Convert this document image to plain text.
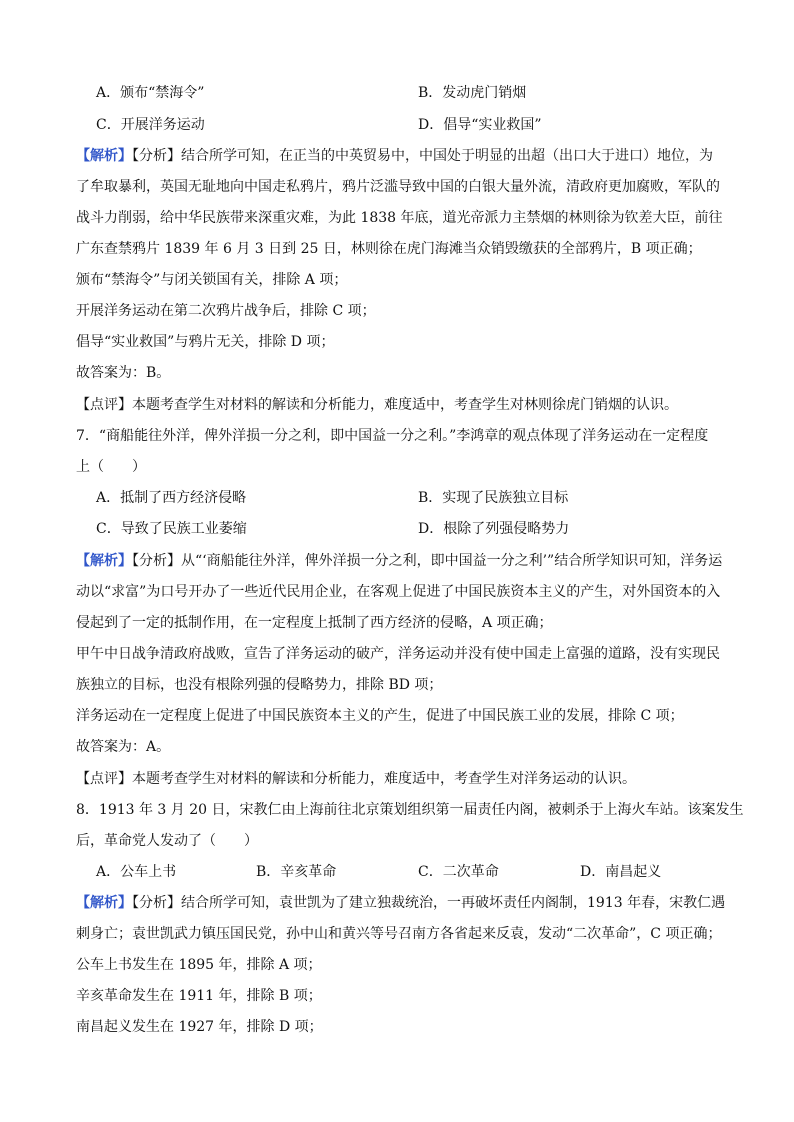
A．颁布“禁海令”	B．发动虎门销烟
C．开展洋务运动	D．倡导“实业救国”
【解析】【分析】结合所学可知，在正当的中英贸易中，中国处于明显的出超（出口大于进口）地位，为
了牟取暴利，英国无耻地向中国走私鸦片，鸦片泛滥导致中国的白银大量外流，清政府更加腐败，军队的
战斗力削弱，给中华民族带来深重灾难，为此 1838 年底，道光帝派力主禁烟的林则徐为钦差大臣，前往
广东查禁鸦片 1839 年 6 月 3 日到 25 日，林则徐在虎门海滩当众销毁缴获的全部鸦片，B 项正确；
颁布“禁海令”与闭关锁国有关，排除 A 项；
开展洋务运动在第二次鸦片战争后，排除 C 项；
倡导“实业救国”与鸦片无关，排除 D 项；
故答案为：B。
【点评】本题考查学生对材料的解读和分析能力，难度适中，考查学生对林则徐虎门销烟的认识。
7．“商船能往外洋，俾外洋损一分之利，即中国益一分之利。”李鸿章的观点体现了洋务运动在一定程度
上（　　）
A．抵制了西方经济侵略	B．实现了民族独立目标
C．导致了民族工业萎缩	D．根除了列强侵略势力
【解析】【分析】从“‘商船能往外洋，俾外洋损一分之利，即中国益一分之利’”结合所学知识可知，洋务运
动以“求富”为口号开办了一些近代民用企业，在客观上促进了中国民族资本主义的产生，对外国资本的入
侵起到了一定的抵制作用，在一定程度上抵制了西方经济的侵略，A 项正确；
甲午中日战争清政府战败，宣告了洋务运动的破产，洋务运动并没有使中国走上富强的道路，没有实现民
族独立的目标，也没有根除列强的侵略势力，排除 BD 项；
洋务运动在一定程度上促进了中国民族资本主义的产生，促进了中国民族工业的发展，排除 C 项；
故答案为：A。
【点评】本题考查学生对材料的解读和分析能力，难度适中，考查学生对洋务运动的认识。
8．1913 年 3 月 20 日，宋教仁由上海前往北京策划组织第一届责任内阁，被刺杀于上海火车站。该案发生
后，革命党人发动了（　　）
A．公车上书	B．辛亥革命	C．二次革命	D．南昌起义
【解析】【分析】结合所学可知，袁世凯为了建立独裁统治，一再破坏责任内阁制，1913 年春，宋教仁遇
刺身亡；袁世凯武力镇压国民党，孙中山和黄兴等号召南方各省起来反袁，发动“二次革命”，C 项正确；
公车上书发生在 1895 年，排除 A 项；
辛亥革命发生在 1911 年，排除 B 项；
南昌起义发生在 1927 年，排除 D 项；
